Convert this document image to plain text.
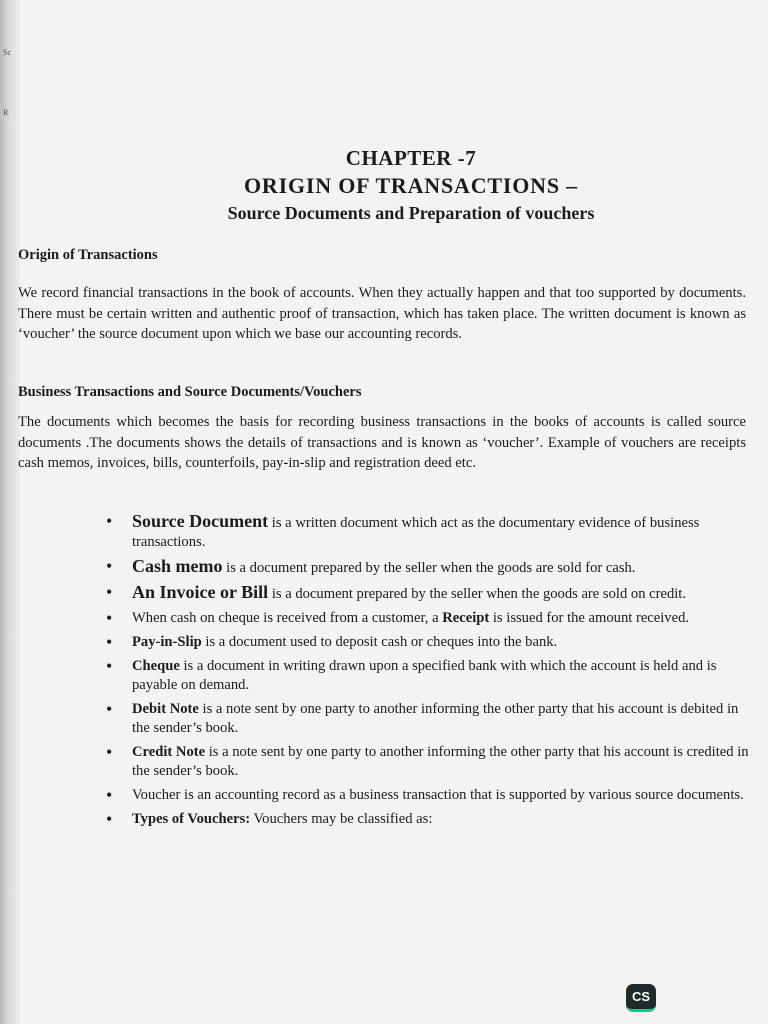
Sc
R
CHAPTER -7
ORIGIN OF TRANSACTIONS –
Source Documents and Preparation of vouchers
Origin of Transactions
We record financial transactions in the book of accounts. When they actually happen and that too supported by documents. There must be certain written and authentic proof of transaction, which has taken place. The written document is known as ‘voucher’ the source document upon which we base our accounting records.
Business Transactions and Source Documents/Vouchers
The documents which becomes the basis for recording business transactions in the books of accounts is called source documents .The documents shows the details of transactions and is known as ‘voucher’. Example of vouchers are receipts cash memos, invoices, bills, counterfoils, pay-in-slip and registration deed etc.
• Source Document is a written document which act as the documentary evidence of business transactions.
• Cash memo is a document prepared by the seller when the goods are sold for cash.
• An Invoice or Bill is a document prepared by the seller when the goods are sold on credit.
• When cash on cheque is received from a customer, a Receipt is issued for the amount received.
• Pay-in-Slip is a document used to deposit cash or cheques into the bank.
• Cheque is a document in writing drawn upon a specified bank with which the account is held and is payable on demand.
• Debit Note is a note sent by one party to another informing the other party that his account is debited in the sender’s book.
• Credit Note is a note sent by one party to another informing the other party that his account is credited in the sender’s book.
• Voucher is an accounting record as a business transaction that is supported by various source documents.
• Types of Vouchers: Vouchers may be classified as:
CS
